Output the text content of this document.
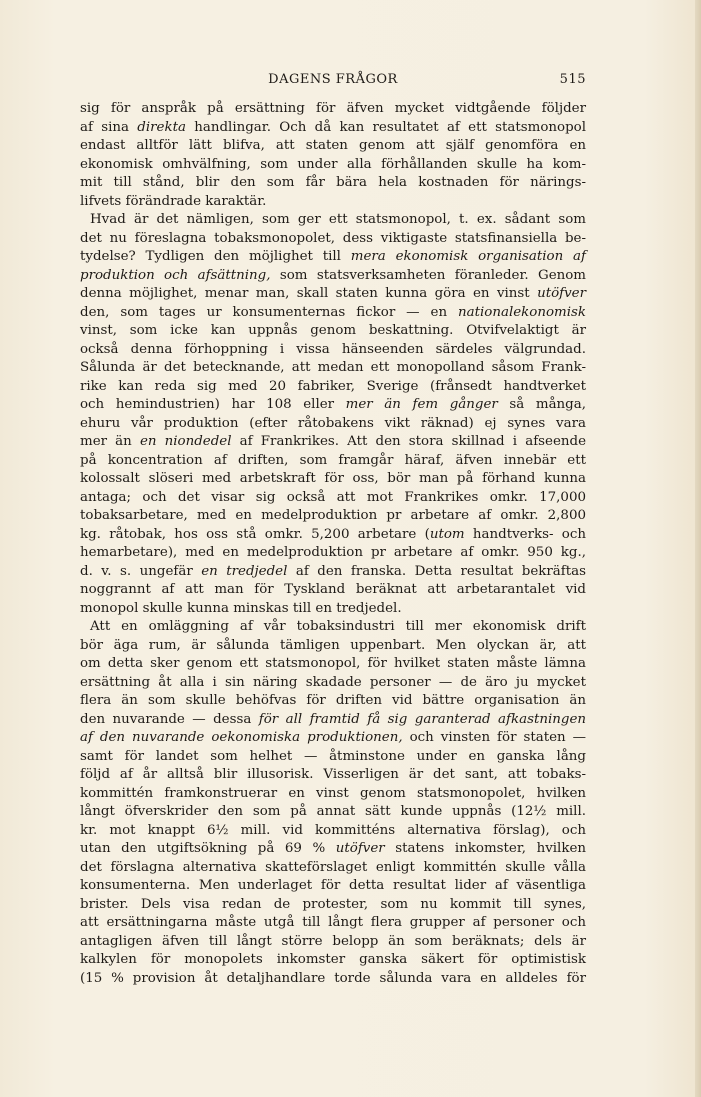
DAGENS FRÅGOR	515
sig för anspråk på ersättning för äfven mycket vidtgående följder
af sina direkta handlingar. Och då kan resultatet af ett statsmonopol
endast alltför lätt blifva, att staten genom att själf genomföra en
ekonomisk omhvälfning, som under alla förhållanden skulle ha kom-
mit till stånd, blir den som får bära hela kostnaden för närings-
lifvets förändrade karaktär.
Hvad är det nämligen, som ger ett statsmonopol, t. ex. sådant som
det nu föreslagna tobaksmonopolet, dess viktigaste statsfinansiella be-
tydelse? Tydligen den möjlighet till mera ekonomisk organisation af
produktion och afsättning, som statsverksamheten föranleder. Genom
denna möjlighet, menar man, skall staten kunna göra en vinst utöfver
den, som tages ur konsumenternas fickor — en nationalekonomisk
vinst, som icke kan uppnås genom beskattning. Otvifvelaktigt är
också denna förhoppning i vissa hänseenden särdeles välgrundad.
Sålunda är det betecknande, att medan ett monopolland såsom Frank-
rike kan reda sig med 20 fabriker, Sverige (frånsedt handtverket
och hemindustrien) har 108 eller mer än fem gånger så många,
ehuru vår produktion (efter råtobakens vikt räknad) ej synes vara
mer än en niondedel af Frankrikes. Att den stora skillnad i afseende
på koncentration af driften, som framgår häraf, äfven innebär ett
kolossalt slöseri med arbetskraft för oss, bör man på förhand kunna
antaga; och det visar sig också att mot Frankrikes omkr. 17,000
tobaksarbetare, med en medelproduktion pr arbetare af omkr. 2,800
kg. råtobak, hos oss stå omkr. 5,200 arbetare (utom handtverks- och
hemarbetare), med en medelproduktion pr arbetare af omkr. 950 kg.,
d. v. s. ungefär en tredjedel af den franska. Detta resultat bekräftas
noggrannt af att man för Tyskland beräknat att arbetarantalet vid
monopol skulle kunna minskas till en tredjedel.
Att en omläggning af vår tobaksindustri till mer ekonomisk drift
bör äga rum, är sålunda tämligen uppenbart. Men olyckan är, att
om detta sker genom ett statsmonopol, för hvilket staten måste lämna
ersättning åt alla i sin näring skadade personer — de äro ju mycket
flera än som skulle behöfvas för driften vid bättre organisation än
den nuvarande — dessa för all framtid få sig garanterad afkastningen
af den nuvarande oekonomiska produktionen, och vinsten för staten —
samt för landet som helhet — åtminstone under en ganska lång
följd af år alltså blir illusorisk. Visserligen är det sant, att tobaks-
kommittén framkonstruerar en vinst genom statsmonopolet, hvilken
långt öfverskrider den som på annat sätt kunde uppnås (12½ mill.
kr. mot knappt 6½ mill. vid kommitténs alternativa förslag), och
utan den utgiftsökning på 69 % utöfver statens inkomster, hvilken
det förslagna alternativa skatteförslaget enligt kommittén skulle vålla
konsumenterna. Men underlaget för detta resultat lider af väsentliga
brister. Dels visa redan de protester, som nu kommit till synes,
att ersättningarna måste utgå till långt flera grupper af personer och
antagligen äfven till långt större belopp än som beräknats; dels är
kalkylen för monopolets inkomster ganska säkert för optimistisk
(15 % provision åt detaljhandlare torde sålunda vara en alldeles för
